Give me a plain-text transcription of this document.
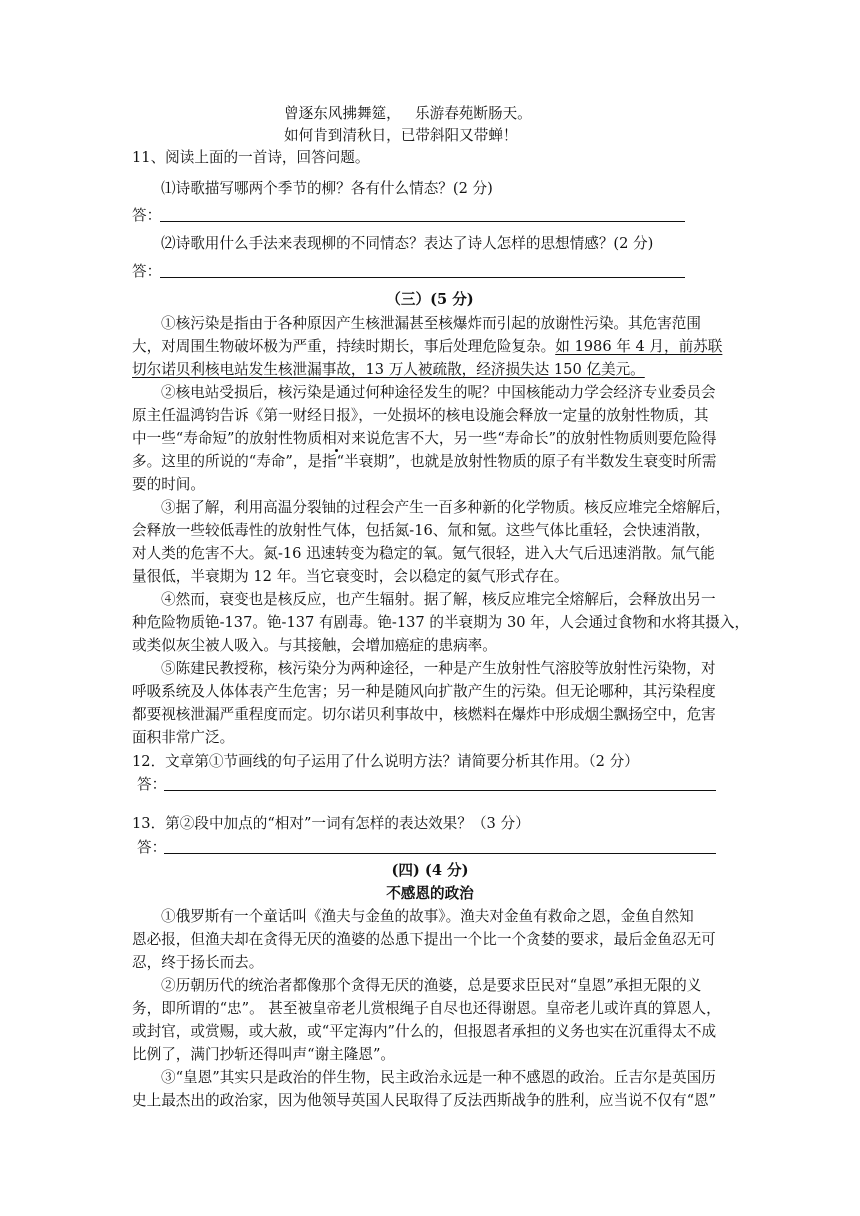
曾逐东风拂舞筵， 乐游春苑断肠天。
如何肯到清秋日，已带斜阳又带蝉！
11、阅读上面的一首诗，回答问题。
⑴诗歌描写哪两个季节的柳？各有什么情态？(2 分)
答：
⑵诗歌用什么手法来表现柳的不同情态？表达了诗人怎样的思想情感？(2 分)
答：
（三）(5 分)
①核污染是指由于各种原因产生核泄漏甚至核爆炸而引起的放谢性污染。其危害范围
大，对周围生物破坏极为严重，持续时期长，事后处理危险复杂。如 1986 年 4 月，前苏联
切尔诺贝利核电站发生核泄漏事故，13 万人被疏散，经济损失达 150 亿美元。
②核电站受损后，核污染是通过何种途径发生的呢？中国核能动力学会经济专业委员会
原主任温鸿钧告诉《第一财经日报》，一处损坏的核电设施会释放一定量的放射性物质，其
中一些“寿命短”的放射性物质相对来说危害不大，另一些“寿命长”的放射性物质则要危险得
多。这里的所说的“寿命”，是指“半衰期”，也就是放射性物质的原子有半数发生衰变时所需
要的时间。
③据了解，利用高温分裂铀的过程会产生一百多种新的化学物质。核反应堆完全熔解后，
会释放一些较低毒性的放射性气体，包括氮-16、氚和氪。这些气体比重轻，会快速消散，
对人类的危害不大。氮-16 迅速转变为稳定的氧。氪气很轻，进入大气后迅速消散。氚气能
量很低，半衰期为 12 年。当它衰变时，会以稳定的氦气形式存在。
④然而，衰变也是核反应，也产生辐射。据了解，核反应堆完全熔解后，会释放出另一
种危险物质铯-137。铯-137 有剧毒。铯-137 的半衰期为 30 年，人会通过食物和水将其摄入，
或类似灰尘被人吸入。与其接触，会增加癌症的患病率。
⑤陈建民教授称，核污染分为两种途径，一种是产生放射性气溶胶等放射性污染物，对
呼吸系统及人体体表产生危害；另一种是随风向扩散产生的污染。但无论哪种，其污染程度
都要视核泄漏严重程度而定。切尔诺贝利事故中，核燃料在爆炸中形成烟尘飘扬空中，危害
面积非常广泛。
12．文章第①节画线的句子运用了什么说明方法？请简要分析其作用。（2 分）
答：
13．第②段中加点的“相对”一词有怎样的表达效果？（3 分）
答：
(四) (4 分)
不感恩的政治
①俄罗斯有一个童话叫《渔夫与金鱼的故事》。渔夫对金鱼有救命之恩，金鱼自然知
恩必报，但渔夫却在贪得无厌的渔婆的怂恿下提出一个比一个贪婪的要求，最后金鱼忍无可
忍，终于扬长而去。
②历朝历代的统治者都像那个贪得无厌的渔婆，总是要求臣民对“皇恩”承担无限的义
务，即所谓的“忠”。 甚至被皇帝老儿赏根绳子自尽也还得谢恩。皇帝老儿或许真的算恩人，
或封官，或赏赐，或大赦，或“平定海内”什么的，但报恩者承担的义务也实在沉重得太不成
比例了，满门抄斩还得叫声“谢主隆恩”。
③“皇恩”其实只是政治的伴生物，民主政治永远是一种不感恩的政治。丘吉尔是英国历
史上最杰出的政治家，因为他领导英国人民取得了反法西斯战争的胜利，应当说不仅有“恩”
